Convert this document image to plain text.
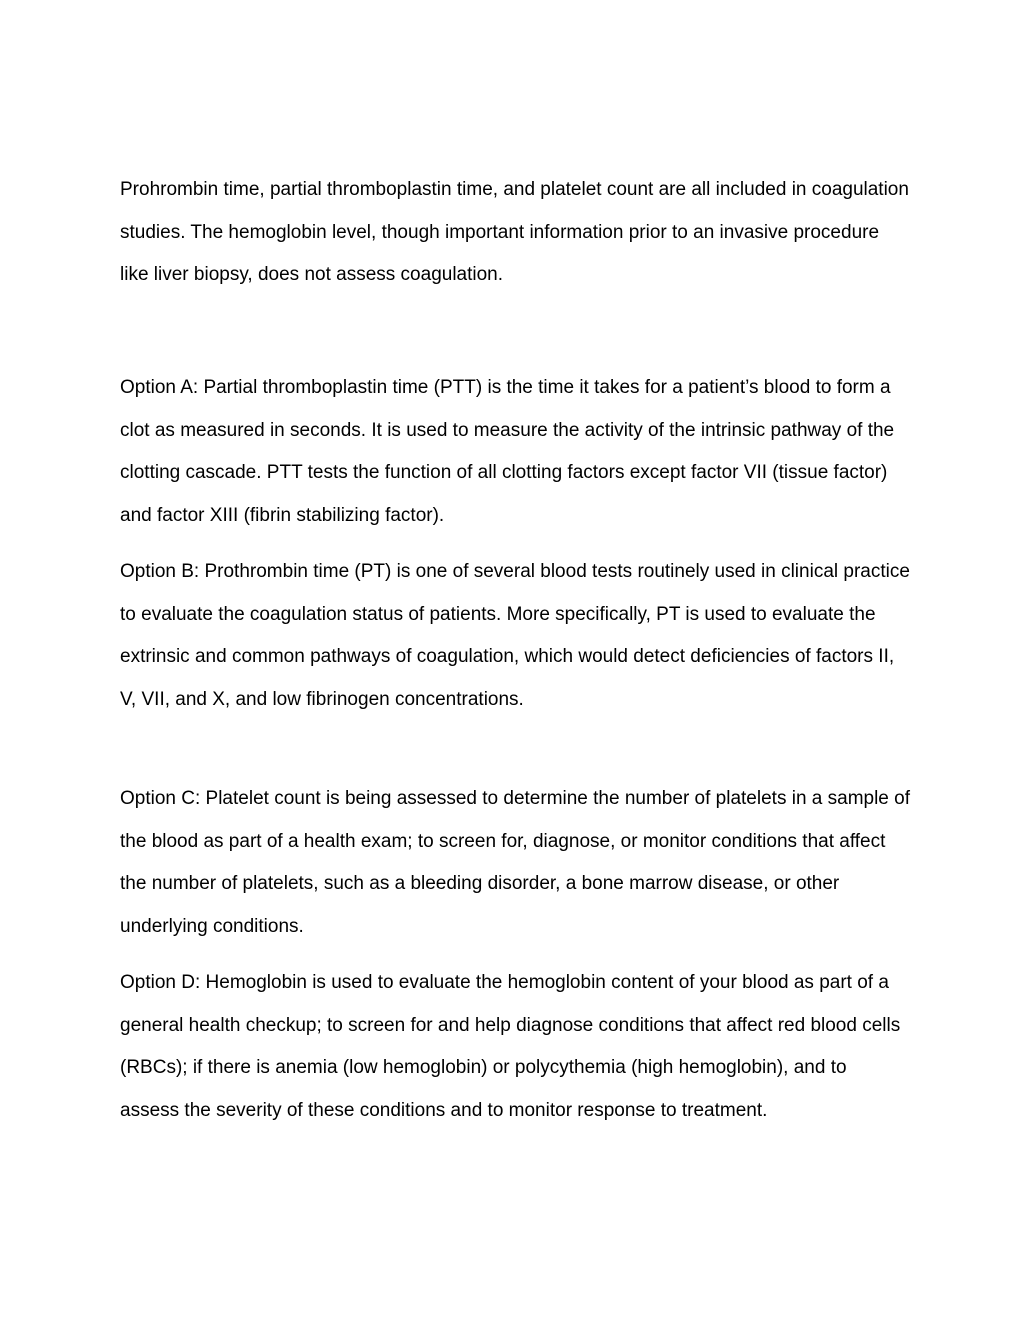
Prohrombin time, partial thromboplastin time, and platelet count are all included in coagulation studies. The hemoglobin level, though important information prior to an invasive procedure like liver biopsy, does not assess coagulation.

Option A: Partial thromboplastin time (PTT) is the time it takes for a patient’s blood to form a clot as measured in seconds. It is used to measure the activity of the intrinsic pathway of the clotting cascade. PTT tests the function of all clotting factors except factor VII (tissue factor) and factor XIII (fibrin stabilizing factor).

Option B: Prothrombin time (PT) is one of several blood tests routinely used in clinical practice to evaluate the coagulation status of patients. More specifically, PT is used to evaluate the extrinsic and common pathways of coagulation, which would detect deficiencies of factors II, V, VII, and X, and low fibrinogen concentrations.

Option C: Platelet count is being assessed to determine the number of platelets in a sample of the blood as part of a health exam; to screen for, diagnose, or monitor conditions that affect the number of platelets, such as a bleeding disorder, a bone marrow disease, or other underlying conditions.

Option D: Hemoglobin is used to evaluate the hemoglobin content of your blood as part of a general health checkup; to screen for and help diagnose conditions that affect red blood cells (RBCs); if there is anemia (low hemoglobin) or polycythemia (high hemoglobin), and to assess the severity of these conditions and to monitor response to treatment.
